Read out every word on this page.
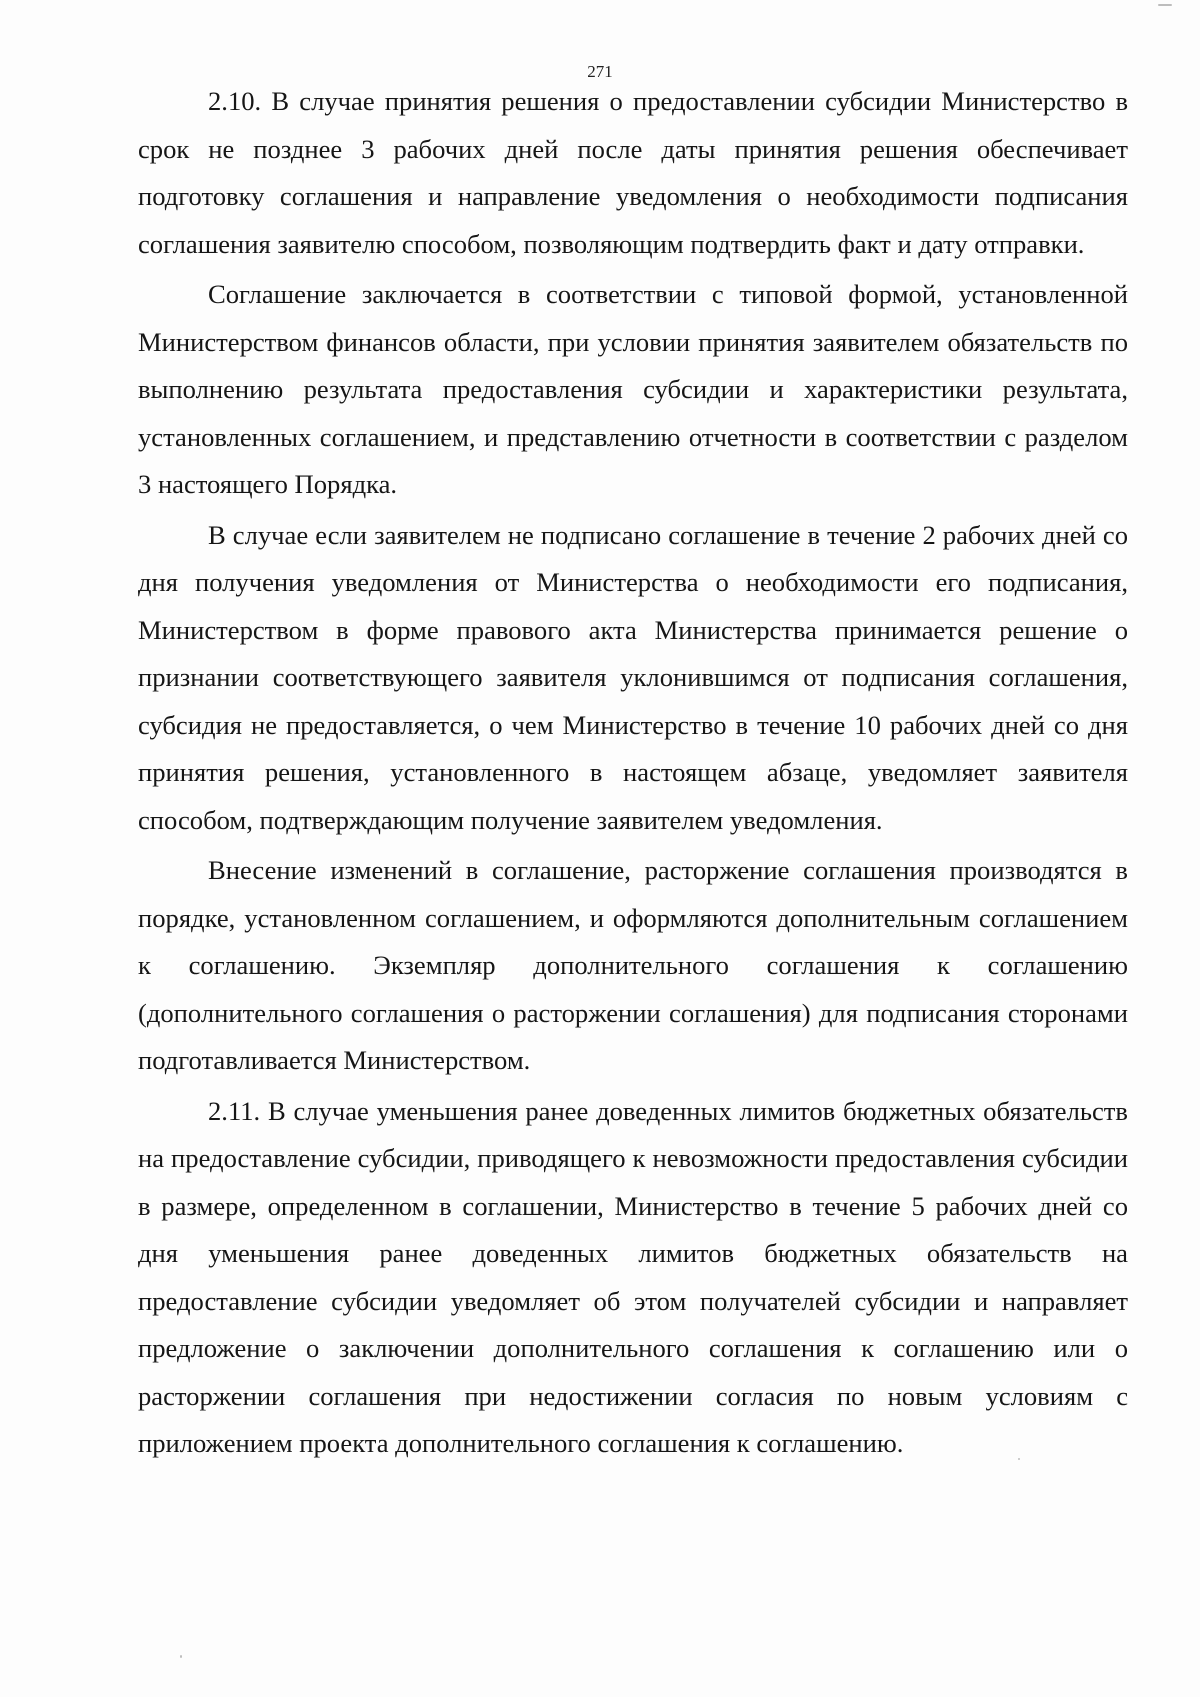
271

2.10. В случае принятия решения о предоставлении субсидии Министерство в срок не позднее 3 рабочих дней после даты принятия решения обеспечивает подготовку соглашения и направление уведомления о необходимости подписания соглашения заявителю способом, позволяющим подтвердить факт и дату отправки.

Соглашение заключается в соответствии с типовой формой, установленной Министерством финансов области, при условии принятия заявителем обязательств по выполнению результата предоставления субсидии и характеристики результата, установленных соглашением, и представлению отчетности в соответствии с разделом 3 настоящего Порядка.

В случае если заявителем не подписано соглашение в течение 2 рабочих дней со дня получения уведомления от Министерства о необходимости его подписания, Министерством в форме правового акта Министерства принимается решение о признании соответствующего заявителя уклонившимся от подписания соглашения, субсидия не предоставляется, о чем Министерство в течение 10 рабочих дней со дня принятия решения, установленного в настоящем абзаце, уведомляет заявителя способом, подтверждающим получение заявителем уведомления.

Внесение изменений в соглашение, расторжение соглашения производятся в порядке, установленном соглашением, и оформляются дополнительным соглашением к соглашению. Экземпляр дополнительного соглашения к соглашению (дополнительного соглашения о расторжении соглашения) для подписания сторонами подготавливается Министерством.

2.11. В случае уменьшения ранее доведенных лимитов бюджетных обязательств на предоставление субсидии, приводящего к невозможности предоставления субсидии в размере, определенном в соглашении, Министерство в течение 5 рабочих дней со дня уменьшения ранее доведенных лимитов бюджетных обязательств на предоставление субсидии уведомляет об этом получателей субсидии и направляет предложение о заключении дополнительного соглашения к соглашению или о расторжении соглашения при недостижении согласия по новым условиям с приложением проекта дополнительного соглашения к соглашению.
